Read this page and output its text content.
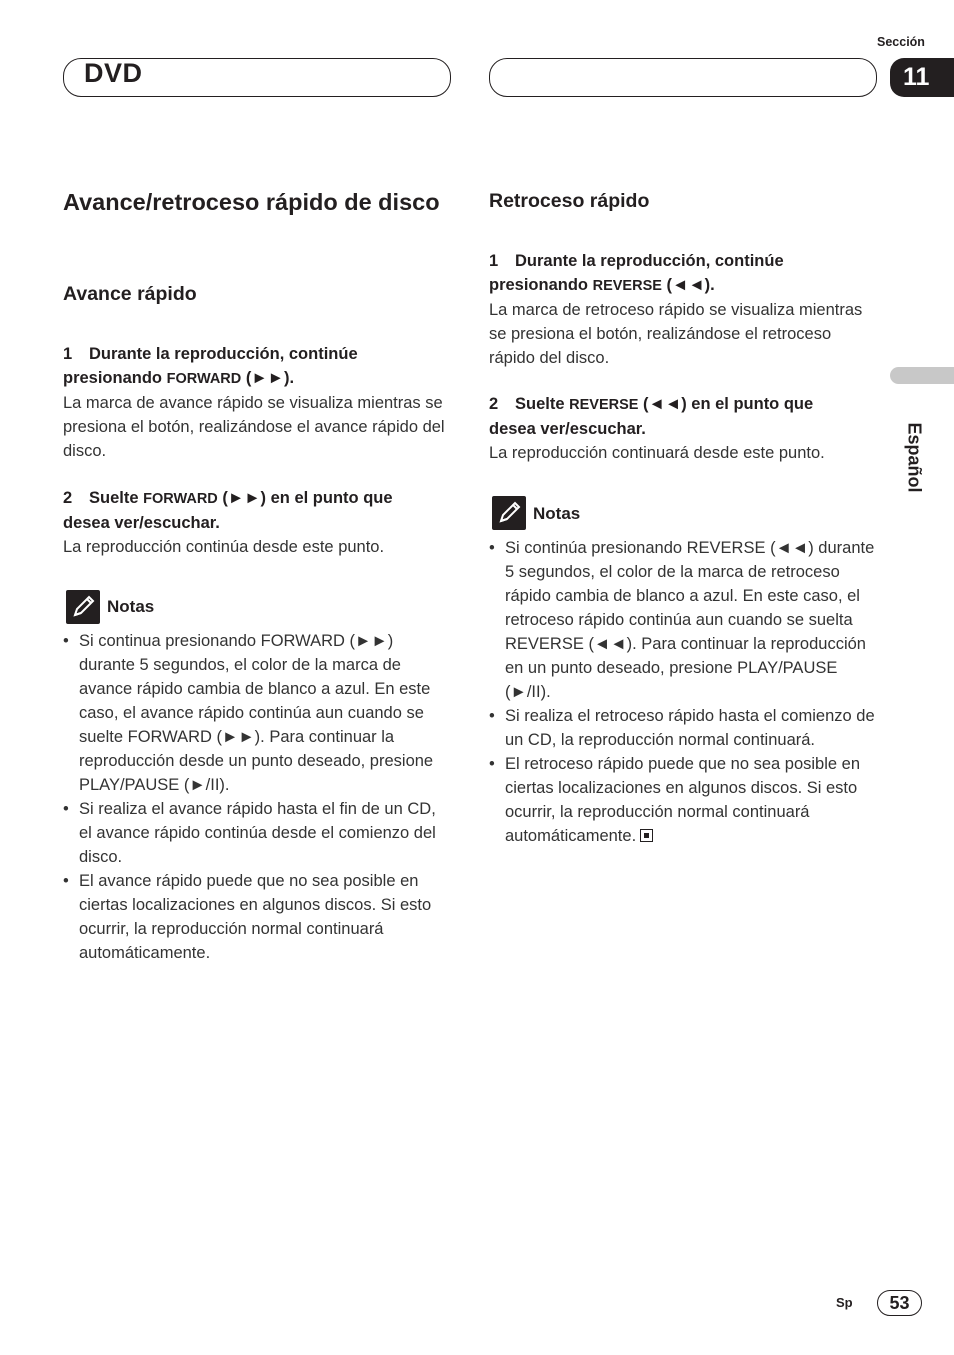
DVD
Sección
11
Español
Avance/retroceso rápido de disco
Avance rápido
1 Durante la reproducción, continúe presionando FORWARD (►►).
La marca de avance rápido se visualiza mientras se presiona el botón, realizándose el avance rápido del disco.
2 Suelte FORWARD (►►) en el punto que desea ver/escuchar.
La reproducción continúa desde este punto.
Notas
• Si continua presionando FORWARD (►►) durante 5 segundos, el color de la marca de avance rápido cambia de blanco a azul. En este caso, el avance rápido continúa aun cuando se suelte FORWARD (►►). Para continuar la reproducción desde un punto deseado, presione PLAY/PAUSE (►/II).
• Si realiza el avance rápido hasta el fin de un CD, el avance rápido continúa desde el comienzo del disco.
• El avance rápido puede que no sea posible en ciertas localizaciones en algunos discos. Si esto ocurrir, la reproducción normal continuará automáticamente.
Retroceso rápido
1 Durante la reproducción, continúe presionando REVERSE (◄◄).
La marca de retroceso rápido se visualiza mientras se presiona el botón, realizándose el retroceso rápido del disco.
2 Suelte REVERSE (◄◄) en el punto que desea ver/escuchar.
La reproducción continuará desde este punto.
Notas
• Si continúa presionando REVERSE (◄◄) durante 5 segundos, el color de la marca de retroceso rápido cambia de blanco a azul. En este caso, el retroceso rápido continúa aun cuando se suelta REVERSE (◄◄). Para continuar la reproducción en un punto deseado, presione PLAY/PAUSE (►/II).
• Si realiza el retroceso rápido hasta el comienzo de un CD, la reproducción normal continuará.
• El retroceso rápido puede que no sea posible en ciertas localizaciones en algunos discos. Si esto ocurrir, la reproducción normal continuará automáticamente.
Sp	53
